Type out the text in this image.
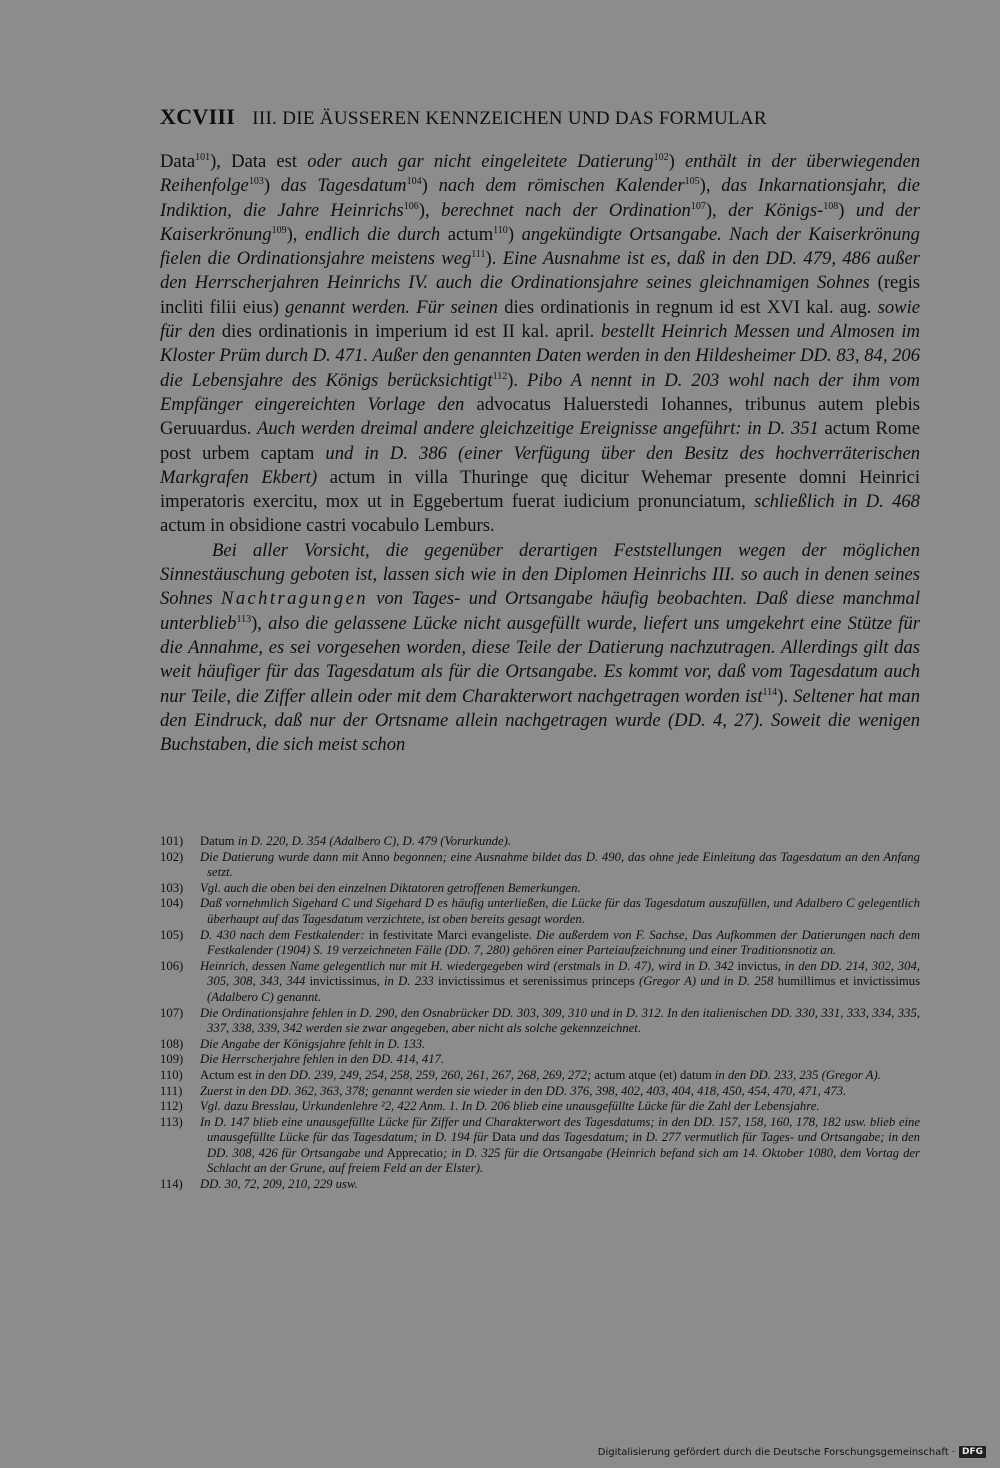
XCVIII III. DIE ÄUSSEREN KENNZEICHEN UND DAS FORMULAR

Data$^{101}$), Data est oder auch gar nicht eingeleitete Datierung$^{102}$) enthält in der überwiegenden Reihenfolge$^{103}$) das Tagesdatum$^{104}$) nach dem römischen Kalender$^{105}$), das Inkarnationsjahr, die Indiktion, die Jahre Heinrichs$^{106}$), berechnet nach der Ordination$^{107}$), der Königs-$^{108}$) und der Kaiserkrönung$^{109}$), endlich die durch actum$^{110}$) angekündigte Ortsangabe. Nach der Kaiserkrönung fielen die Ordinationsjahre meistens weg$^{111}$). Eine Ausnahme ist es, daß in den DD. 479, 486 außer den Herrscherjahren Heinrichs IV. auch die Ordinationsjahre seines gleichnamigen Sohnes (regis incliti filii eius) genannt werden. Für seinen dies ordinationis in regnum id est XVI kal. aug. sowie für den dies ordinationis in imperium id est II kal. april. bestellt Heinrich Messen und Almosen im Kloster Prüm durch D. 471. Außer den genannten Daten werden in den Hildesheimer DD. 83, 84, 206 die Lebensjahre des Königs berücksichtigt$^{112}$). Pibo A nennt in D. 203 wohl nach der ihm vom Empfänger eingereichten Vorlage den advocatus Haluerstedi Iohannes, tribunus autem plebis Geruuardus. Auch werden dreimal andere gleichzeitige Ereignisse angeführt: in D. 351 actum Rome post urbem captam und in D. 386 (einer Verfügung über den Besitz des hochverräterischen Markgrafen Ekbert) actum in villa Thuringe quę dicitur Wehemar presente domni Heinrici imperatoris exercitu, mox ut in Eggebertum fuerat iudicium pronunciatum, schließlich in D. 468 actum in obsidione castri vocabulo Lemburs.

Bei aller Vorsicht, die gegenüber derartigen Feststellungen wegen der möglichen Sinnestäuschung geboten ist, lassen sich wie in den Diplomen Heinrichs III. so auch in denen seines Sohnes Nachtragungen von Tages- und Ortsangabe häufig beobachten. Daß diese manchmal unterblieb$^{113}$), also die gelassene Lücke nicht ausgefüllt wurde, liefert uns umgekehrt eine Stütze für die Annahme, es sei vorgesehen worden, diese Teile der Datierung nachzutragen. Allerdings gilt das weit häufiger für das Tagesdatum als für die Ortsangabe. Es kommt vor, daß vom Tagesdatum auch nur Teile, die Ziffer allein oder mit dem Charakterwort nachgetragen worden ist$^{114}$). Seltener hat man den Eindruck, daß nur der Ortsname allein nachgetragen wurde (DD. 4, 27). Soweit die wenigen Buchstaben, die sich meist schon

101) Datum in D. 220, D. 354 (Adalbero C), D. 479 (Vorurkunde).
102) Die Datierung wurde dann mit Anno begonnen; eine Ausnahme bildet das D. 490, das ohne jede Einleitung das Tagesdatum an den Anfang setzt.
103) Vgl. auch die oben bei den einzelnen Diktatoren getroffenen Bemerkungen.
104) Daß vornehmlich Sigehard C und Sigehard D es häufig unterließen, die Lücke für das Tagesdatum auszufüllen, und Adalbero C gelegentlich überhaupt auf das Tagesdatum verzichtete, ist oben bereits gesagt worden.
105) D. 430 nach dem Festkalender: in festivitate Marci evangeliste. Die außerdem von F. Sachse, Das Aufkommen der Datierungen nach dem Festkalender (1904) S. 19 verzeichneten Fälle (DD. 7, 280) gehören einer Parteiaufzeichnung und einer Traditionsnotiz an.
106) Heinrich, dessen Name gelegentlich nur mit H. wiedergegeben wird (erstmals in D. 47), wird in D. 342 invictus, in den DD. 214, 302, 304, 305, 308, 343, 344 invictissimus, in D. 233 invictissimus et serenissimus princeps (Gregor A) und in D. 258 humillimus et invictissimus (Adalbero C) genannt.
107) Die Ordinationsjahre fehlen in D. 290, den Osnabrücker DD. 303, 309, 310 und in D. 312. In den italienischen DD. 330, 331, 333, 334, 335, 337, 338, 339, 342 werden sie zwar angegeben, aber nicht als solche gekennzeichnet.
108) Die Angabe der Königsjahre fehlt in D. 133.
109) Die Herrscherjahre fehlen in den DD. 414, 417.
110) Actum est in den DD. 239, 249, 254, 258, 259, 260, 261, 267, 268, 269, 272; actum atque (et) datum in den DD. 233, 235 (Gregor A).
111) Zuerst in den DD. 362, 363, 378; genannt werden sie wieder in den DD. 376, 398, 402, 403, 404, 418, 450, 454, 470, 471, 473.
112) Vgl. dazu Bresslau, Urkundenlehre ²2, 422 Anm. 1. In D. 206 blieb eine unausgefüllte Lücke für die Zahl der Lebensjahre.
113) In D. 147 blieb eine unausgefüllte Lücke für Ziffer und Charakterwort des Tagesdatums; in den DD. 157, 158, 160, 178, 182 usw. blieb eine unausgefüllte Lücke für das Tagesdatum; in D. 194 für Data und das Tagesdatum; in D. 277 vermutlich für Tages- und Ortsangabe; in den DD. 308, 426 für Ortsangabe und Apprecatio; in D. 325 für die Ortsangabe (Heinrich befand sich am 14. Oktober 1080, dem Vortag der Schlacht an der Grune, auf freiem Feld an der Elster).
114) DD. 30, 72, 209, 210, 229 usw.
Digitalisierung gefördert durch die Deutsche Forschungsgemeinschaft · DFG
